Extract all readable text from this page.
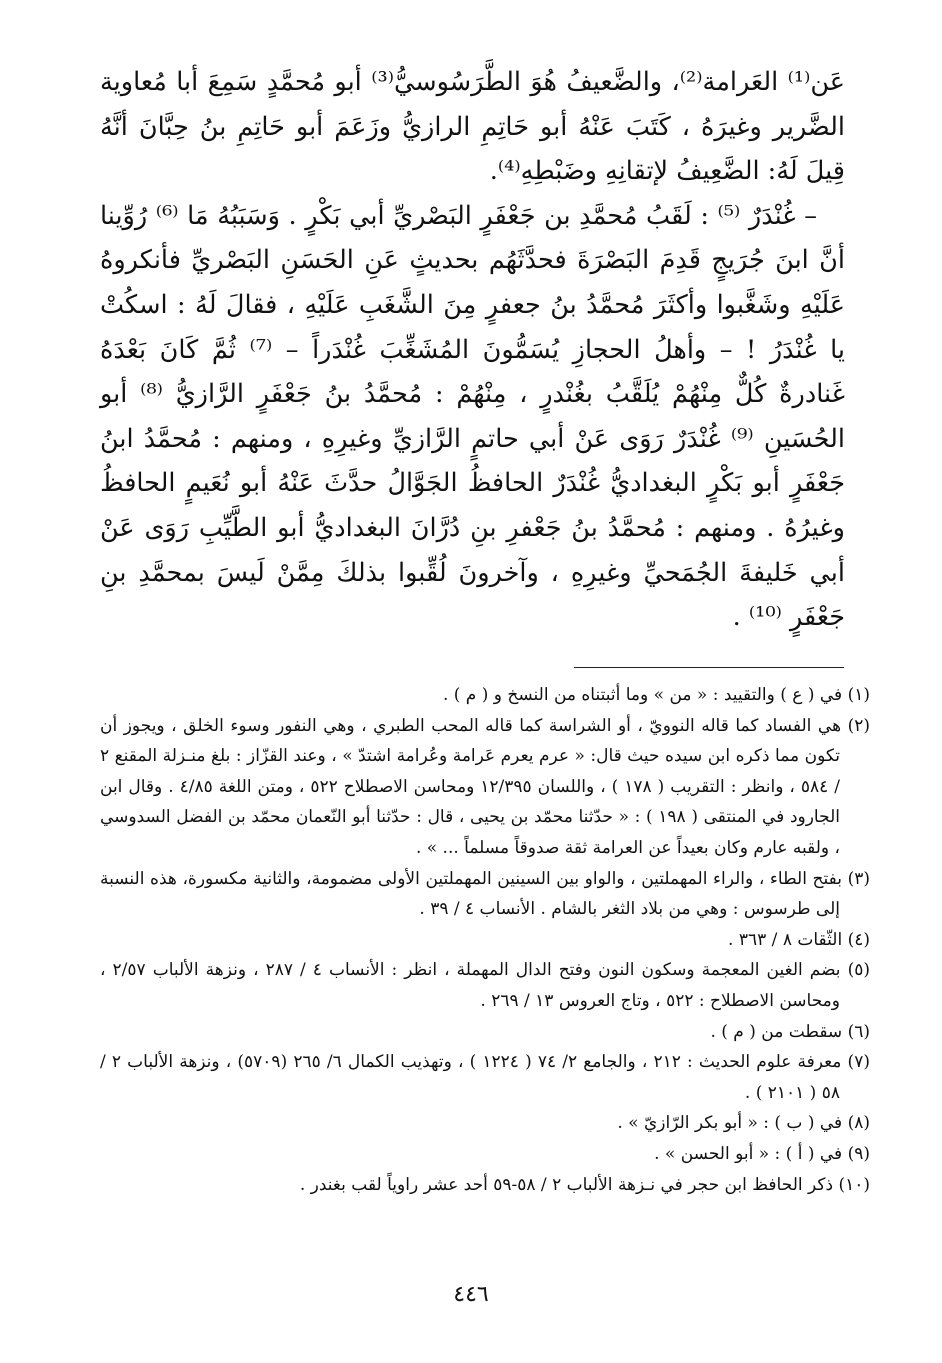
عَن⁽¹⁾ العَرامة⁽²⁾، والضَّعيفُ هُوَ الطَّرَسُوسيُّ⁽³⁾ أبو مُحمَّدٍ سَمِعَ أبا مُعاوية الضَّرير وغيرَهُ ، كَتَبَ عَنْهُ أبو حَاتِمِ الرازيُّ وزَعَمَ أبو حَاتِمِ بنُ حِبَّانَ أنَّهُ قِيلَ لَهُ: الضَّعِيفُ لإتقانِهِ وضَبْطِهِ⁽⁴⁾.

– غُنْدَرٌ ⁽⁵⁾ : لَقَبُ مُحمَّدِ بن جَعْفَرٍ البَصْريِّ أبي بَكْرٍ . وَسَبَبُهُ مَا ⁽⁶⁾ رُوِّينا أنَّ ابنَ جُرَيجٍ قَدِمَ البَصْرَةَ فحدَّثَهُم بحديثٍ عَنِ الحَسَنِ البَصْريِّ فأنكروهُ عَلَيْهِ وشَغَّبوا وأكثَرَ مُحمَّدُ بنُ جعفرٍ مِنَ الشَّغَبِ عَلَيْهِ ، فقالَ لَهُ : اسكُتْ يا غُنْدَرُ ! – وأهلُ الحجازِ يُسَمُّونَ المُشَغِّبَ غُنْدَراً – ⁽⁷⁾ ثُمَّ كَانَ بَعْدَهُ غَنادرةٌ كُلٌّ مِنْهُمْ يُلَقَّبُ بغُنْدرٍ ، مِنْهُمْ : مُحمَّدُ بنُ جَعْفَرٍ الرَّازيُّ ⁽⁸⁾ أبو الحُسَينِ ⁽⁹⁾ غُنْدَرٌ رَوَى عَنْ أبي حاتمٍ الرَّازيِّ وغيرِهِ ، ومنهم : مُحمَّدُ ابنُ جَعْفَرٍ أبو بَكْرٍ البغداديُّ غُنْدَرٌ الحافظُ الجَوَّالُ حدَّثَ عَنْهُ أبو نُعَيمٍ الحافظُ وغيرُهُ . ومنهم : مُحمَّدُ بنُ جَعْفرِ بنِ دُرَّانَ البغداديُّ أبو الطَّيِّبِ رَوَى عَنْ أبي خَليفةَ الجُمَحيِّ وغيرِهِ ، وآخرونَ لُقِّبوا بذلكَ مِمَّنْ لَيسَ بمحمَّدِ بنِ جَعْفَرٍ ⁽¹⁰⁾ .

(١) في ( ع ) والتقييد : « من » وما أثبتناه من النسخ و ( م ) .

(٢) هي الفساد كما قاله النوويّ ، أو الشراسة كما قاله المحب الطبري ، وهي النفور وسوء الخلق ، ويجوز أن تكون مما ذكره ابن سيده حيث قال: « عرم يعرم عَرامة وعُرامة اشتدّ » ، وعند القزّاز : بلغ منـزلة المقنع ٢ / ٥٨٤ ، وانظر : التقريب ( ١٧٨ ) ، واللسان ١٢/٣٩٥ ومحاسن الاصطلاح ٥٢٢ ، ومتن اللغة ٤/٨٥ . وقال ابن الجارود في المنتقى ( ١٩٨ ) : « حدّثنا محمّد بن يحيى ، قال : حدّثنا أبو النّعمان محمّد بن الفضل السدوسي ، ولقبه عارم وكان بعيداً عن العرامة ثقة صدوقاً مسلماً ... » .

(٣) بفتح الطاء ، والراء المهملتين ، والواو بين السينين المهملتين الأولى مضمومة، والثانية مكسورة، هذه النسبة إلى طرسوس : وهي من بلاد الثغر بالشام . الأنساب ٤ / ٣٩ .

(٤) الثّقات ٨ / ٣٦٣ .

(٥) بضم الغين المعجمة وسكون النون وفتح الدال المهملة ، انظر : الأنساب ٤ / ٢٨٧ ، ونزهة الألباب ٢/٥٧ ، ومحاسن الاصطلاح : ٥٢٢ ، وتاج العروس ١٣ / ٢٦٩ .

(٦) سقطت من ( م ) .

(٧) معرفة علوم الحديث : ٢١٢ ، والجامع ٢/ ٧٤ ( ١٢٢٤ ) ، وتهذيب الكمال ٦/ ٢٦٥ (٥٧٠٩) ، ونزهة الألباب ٢ / ٥٨ ( ٢١٠١ ) .

(٨) في ( ب ) : « أبو بكر الرّازيّ » .

(٩) في ( أ ) : « أبو الحسن » .

(١٠) ذكر الحافظ ابن حجر في نـزهة الألباب ٢ / ٥٨-٥٩ أحد عشر راوياً لقب بغندر .

٤٤٦
